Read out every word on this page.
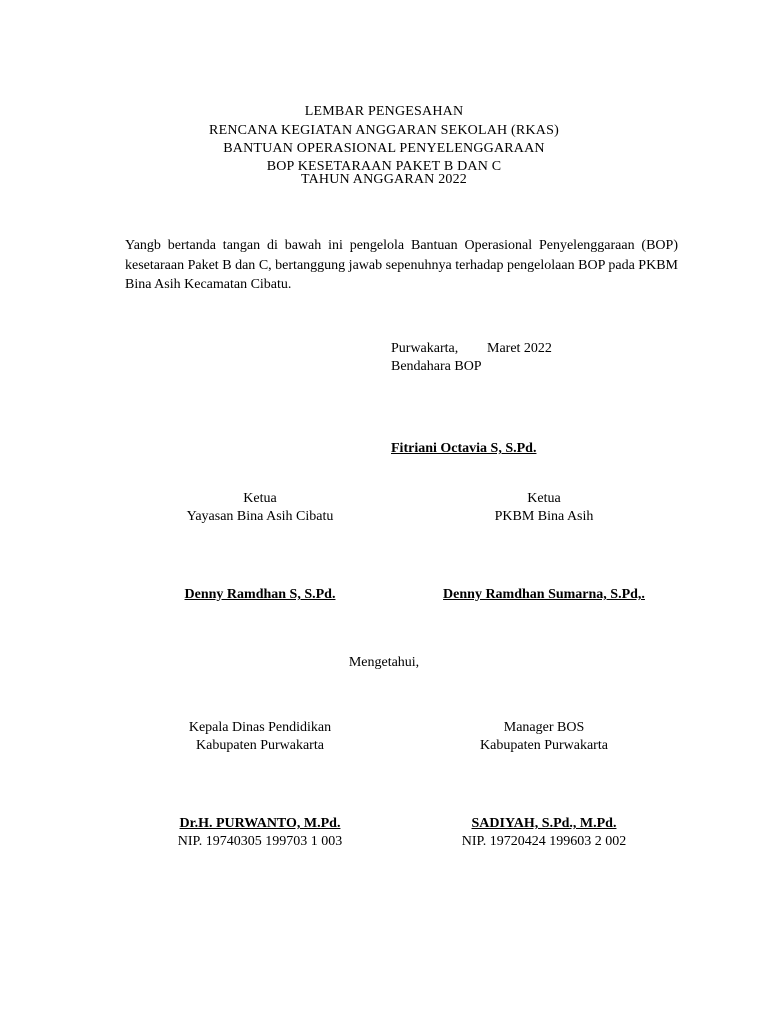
LEMBAR PENGESAHAN
RENCANA KEGIATAN ANGGARAN SEKOLAH (RKAS)
BANTUAN OPERASIONAL PENYELENGGARAAN
BOP KESETARAAN PAKET B DAN C
TAHUN ANGGARAN 2022
Yangb bertanda tangan di bawah ini pengelola Bantuan Operasional Penyelenggaraan (BOP) kesetaraan Paket B dan C, bertanggung jawab sepenuhnya terhadap pengelolaan BOP pada PKBM Bina Asih Kecamatan Cibatu.
Purwakarta, Maret 2022
Bendahara BOP
Fitriani Octavia S, S.Pd.
Ketua
Yayasan Bina Asih Cibatu
Denny Ramdhan S, S.Pd.
Ketua
PKBM Bina Asih
Denny Ramdhan Sumarna, S.Pd,.
Mengetahui,
Kepala Dinas Pendidikan
Kabupaten Purwakarta
Dr.H. PURWANTO, M.Pd.
NIP. 19740305 199703 1 003
Manager BOS
Kabupaten Purwakarta
SADIYAH, S.Pd., M.Pd.
NIP. 19720424 199603 2 002
